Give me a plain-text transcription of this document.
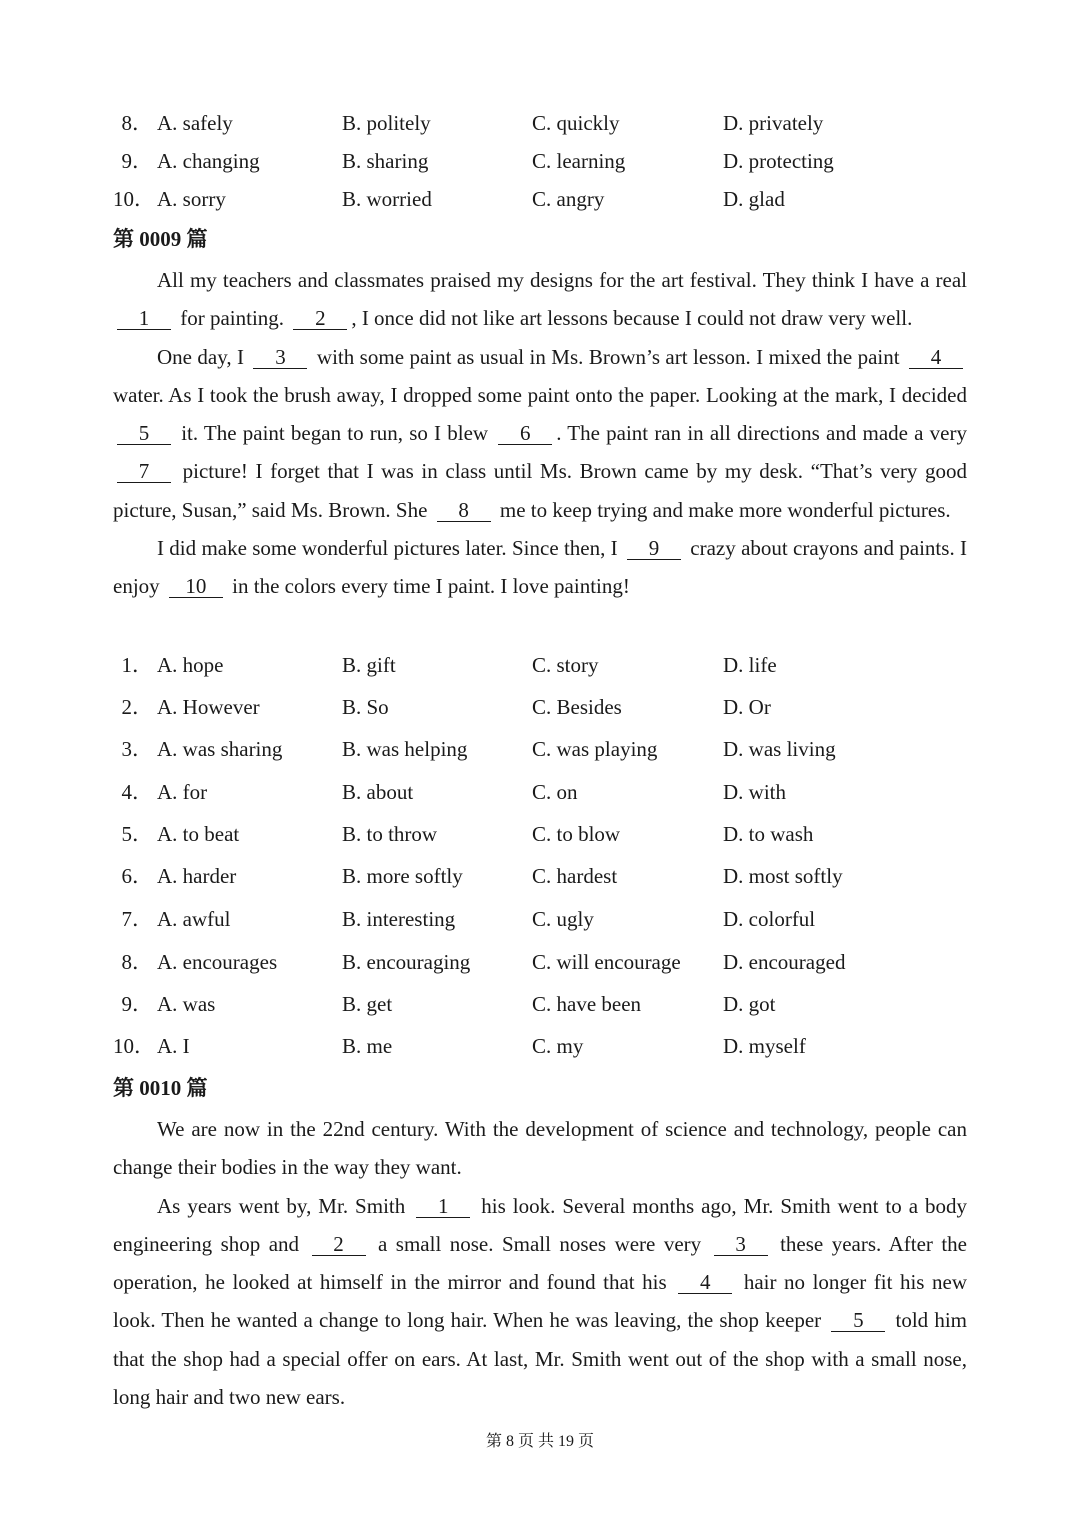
8． A. safely	B. politely	C. quickly	D. privately
9． A. changing	B. sharing	C. learning	D. protecting
10． A. sorry	B. worried	C. angry	D. glad
第 0009 篇

All my teachers and classmates praised my designs for the art festival. They think I have a real 1 for painting. 2 , I once did not like art lessons because I could not draw very well.

One day, I 3 with some paint as usual in Ms. Brown’s art lesson. I mixed the paint 4 water. As I took the brush away, I dropped some paint onto the paper. Looking at the mark, I decided 5 it. The paint began to run, so I blew 6 . The paint ran in all directions and made a very 7 picture! I forget that I was in class until Ms. Brown came by my desk. “That’s very good picture, Susan,” said Ms. Brown. She 8 me to keep trying and make more wonderful pictures.

I did make some wonderful pictures later. Since then, I 9 crazy about crayons and paints. I enjoy 10 in the colors every time I paint. I love painting!

1． A. hope	B. gift	C. story	D. life
2． A. However	B. So	C. Besides	D. Or
3． A. was sharing	B. was helping	C. was playing	D. was living
4． A. for	B. about	C. on	D. with
5． A. to beat	B. to throw	C. to blow	D. to wash
6． A. harder	B. more softly	C. hardest	D. most softly
7． A. awful	B. interesting	C. ugly	D. colorful
8． A. encourages	B. encouraging	C. will encourage D. encouraged
9． A. was	B. get	C. have been	D. got
10． A. I	B. me	C. my	D. myself
第 0010 篇

We are now in the 22nd century. With the development of science and technology, people can change their bodies in the way they want.

As years went by, Mr. Smith 1 his look. Several months ago, Mr. Smith went to a body engineering shop and 2 a small nose. Small noses were very 3 these years. After the operation, he looked at himself in the mirror and found that his 4 hair no longer fit his new look. Then he wanted a change to long hair. When he was leaving, the shop keeper 5 told him that the shop had a special offer on ears. At last, Mr. Smith went out of the shop with a small nose, long hair and two new ears.

第 8 页 共 19 页
